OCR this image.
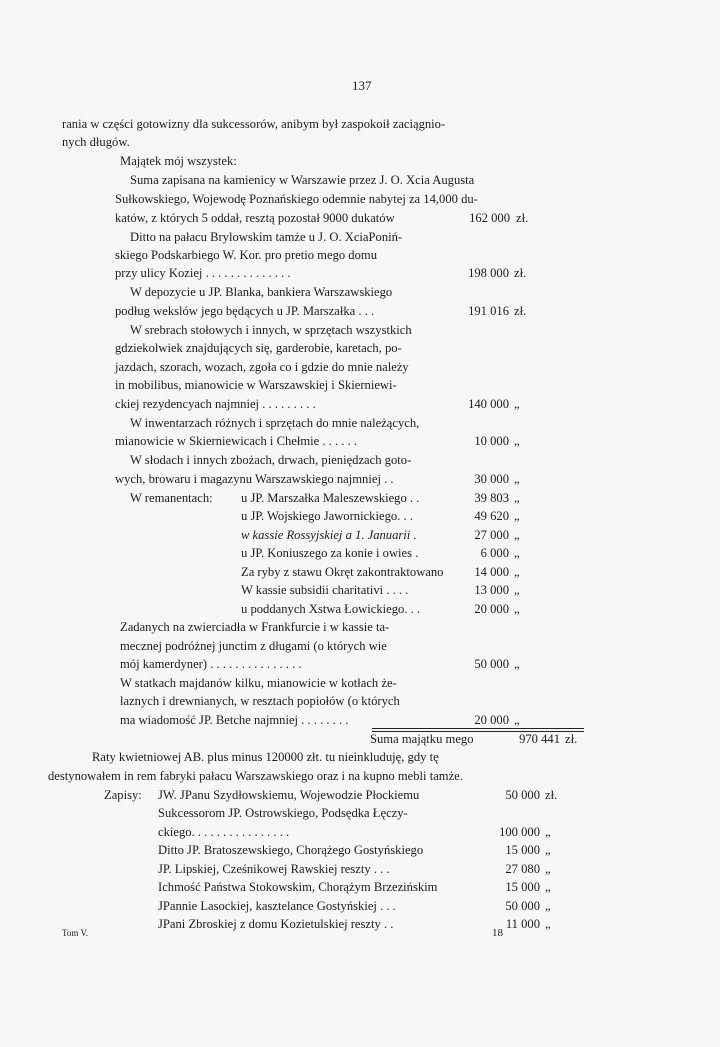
137
rania w części gotowizny dla sukcessorów, anibym był zaspokoił zaciągnio-
nych długów.
Majątek mój wszystek:
Suma zapisana na kamienicy w Warszawie przez J. O. Xcia Augusta
Sułkowskiego, Wojewodę Poznańskiego odemnie nabytej za 14,000 du-
katów, z których 5 oddał, resztą pozostał 9000 dukatów	162 000 zł.
Ditto na pałacu Brylowskim tamże u J. O. XciaPoniń-
skiego Podskarbiego W. Kor. pro pretio mego domu
przy ulicy Koziej . . . . . . . . . . . . . .	198 000 zł.
W depozycie u JP. Blanka, bankiera Warszawskiego
podług wekslów jego będących u JP. Marszałka . . .	191 016 zł.
W srebrach stołowych i innych, w sprzętach wszystkich
gdziekolwiek znajdujących się, garderobie, karetach, po-
jazdach, szorach, wozach, zgoła co i gdzie do mnie należy
in mobilibus, mianowicie w Warszawskiej i Skierniewi-
ckiej rezydencyach najmniej . . . . . . . . .	140 000 „
W inwentarzach różnych i sprzętach do mnie należących,
mianowicie w Skierniewicach i Chełmie . . . . . .	10 000 „
W słodach i innych zbożach, drwach, pieniędzach goto-
wych, browaru i magazynu Warszawskiego najmniej . .	30 000 „
W remanentach: u JP. Marszałka Maleszewskiego . .	39 803 „
u JP. Wojskiego Jawornickiego. . .	49 620 „
w kassie Rossyjskiej a 1. Januarii .	27 000 „
u JP. Koniuszego za konie i owies .	6 000 „
Za ryby z stawu Okręt zakontraktowano 14 000 „
W kassie subsidii charitativi . . . .	13 000 „
u poddanych Xstwa Łowickiego. . .	20 000 „
Zadanych na zwierciadła w Frankfurcie i w kassie ta-
mecznej podróżnej junctim z długami (o których wie
mój kamerdyner) . . . . . . . . . . . . . . .	50 000 „
W statkach majdanów kilku, mianowicie w kotłach że-
laznych i drewnianych, w resztach popiołów (o których
ma wiadomość JP. Betche najmniej . . . . . . . .	20 000 „
Suma majątku mego	970 441 zł.
Raty kwietniowej AB. plus minus 120000 złt. tu nieinkluduję, gdy tę
destynowałem in rem fabryki pałacu Warszawskiego oraz i na kupno mebli tamże.
Zapisy: JW. JPanu Szydłowskiemu, Wojewodzie Płockiemu	50 000 zł.
Sukcessorom JP. Ostrowskiego, Podsędka Łęczy-
ckiego. . . . . . . . . . . . . . . .	100 000 „
Ditto JP. Bratoszewskiego, Chorążego Gostyńskiego	15 000 „
JP. Lipskiej, Cześnikowej Rawskiej reszty . . .	27 080 „
Ichmość Państwa Stokowskim, Chorążym Brzezińskim	15 000 „
JPannie Lasockiej, kasztelance Gostyńskiej . . .	50 000 „
JPani Zbroskiej z domu Kozietulskiej reszty . .	11 000 „
Tom V.	18
